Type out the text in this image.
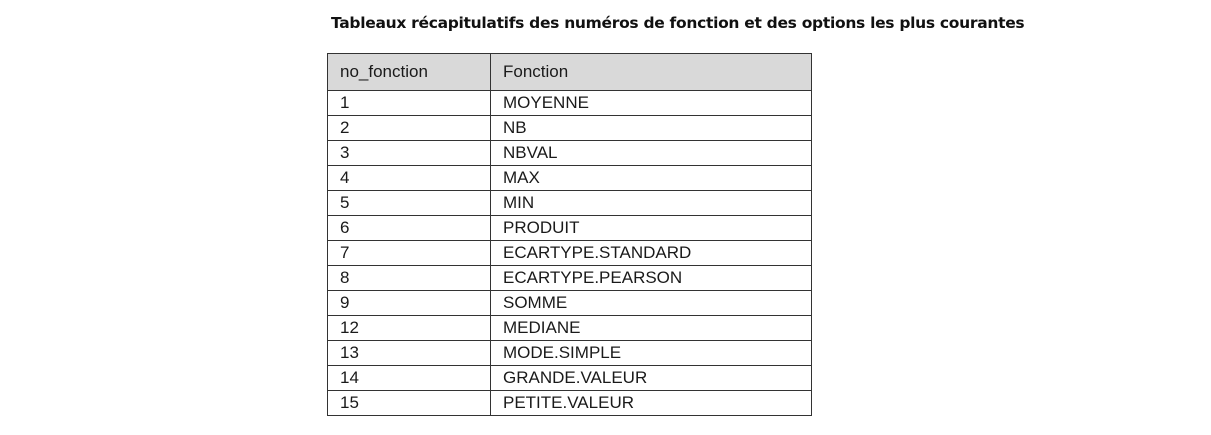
Tableaux récapitulatifs des numéros de fonction et des options les plus courantes
no_fonction	Fonction
1	MOYENNE
2	NB
3	NBVAL
4	MAX
5	MIN
6	PRODUIT
7	ECARTYPE.STANDARD
8	ECARTYPE.PEARSON
9	SOMME
12	MEDIANE
13	MODE.SIMPLE
14	GRANDE.VALEUR
15	PETITE.VALEUR
